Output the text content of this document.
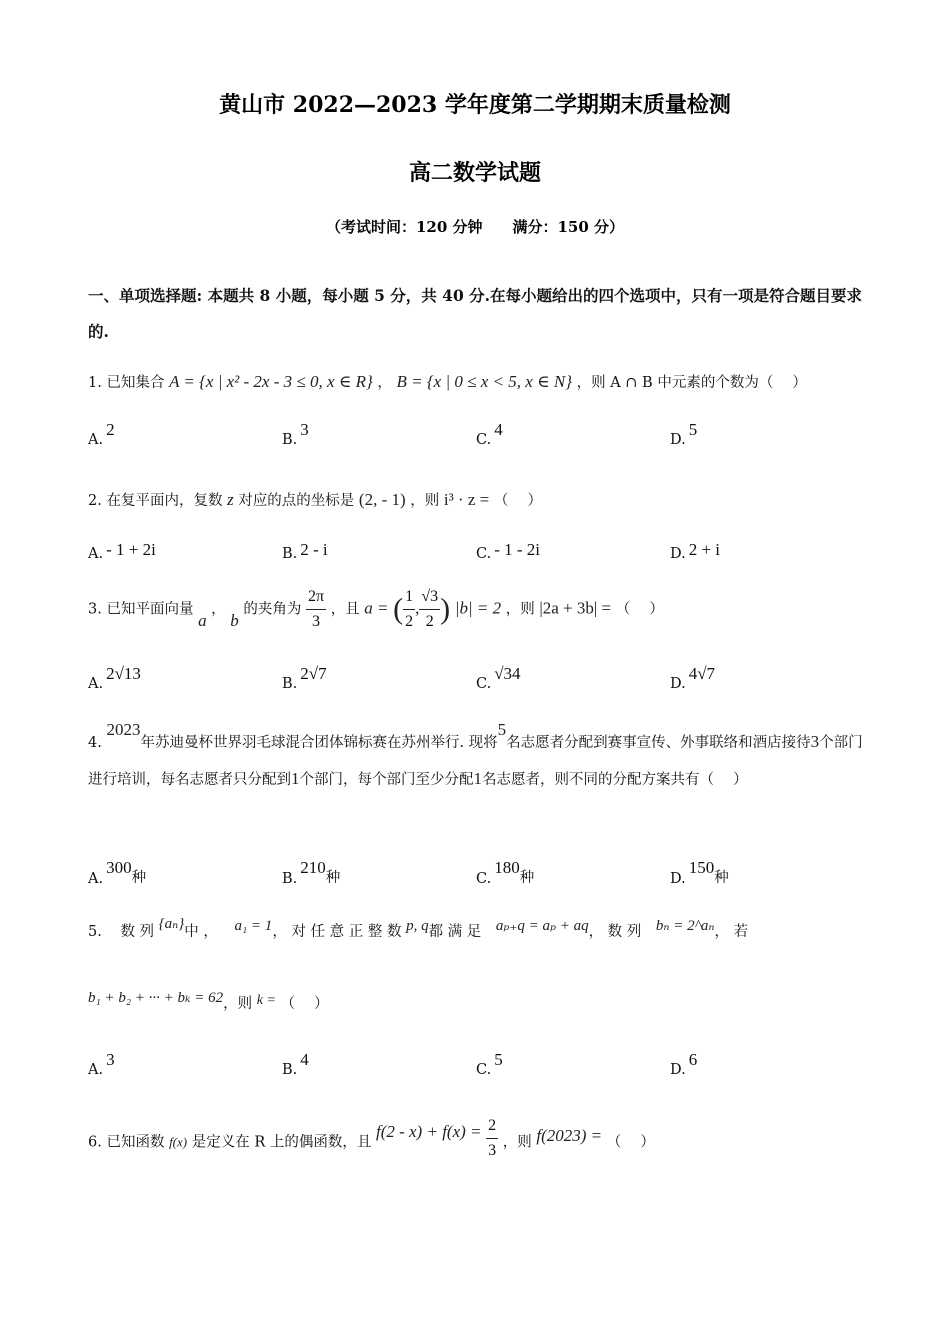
黄山市 2022—2023 学年度第二学期期末质量检测
高二数学试题
（考试时间：120 分钟　　满分：150 分）
一、单项选择题: 本题共 8 小题，每小题 5 分，共 40 分.在每小题给出的四个选项中，只有一项是符合题目要求的.
1. 已知集合 A = {x | x² - 2x - 3 ≤ 0, x ∈ R} ， B = {x | 0 ≤ x < 5, x ∈ N} ，则 A ∩ B 中元素的个数为（　 ）
A.2
B.3
C.4
D.5
2. 在复平面内，复数 z 对应的点的坐标是 (2, - 1) ，则 i³ · z = （　 ）
A. - 1 + 2i	B. 2 - i	C. - 1 - 2i	D. 2 + i
3. 已知平面向量 a ， b 的夹角为 $\frac{2\pi}{3}$ ，且 a = ( $\frac{1}{2}$ , $\frac{√3}{2}$ ) |b| = 2 ，则 |2a + 3b| = （　 ）
A.2√13
B.2√7
C.√34
D.4√7
4. 2023年苏迪曼杯世界羽毛球混合团体锦标赛在苏州举行. 现将5名志愿者分配到赛事宣传、外事联络和酒店接待3个部门进行培训，每名志愿者只分配到1个部门，每个部门至少分配1名志愿者，则不同的分配方案共有（　 ）
A.300种	B.210种	C.180种	D.150种
5. 数 列 {aₙ}中 ， a₁ = 1， 对 任 意 正 整 数 p, q都 满 足 aₚ₊q = aₚ + aq， 数 列 bₙ = 2^aₙ， 若
b₁ + b₂ + ··· + bₖ = 62，则 k = （　 ）
A.3
B.4
C.5
D.6
6. 已知函数 f(x) 是定义在 R 上的偶函数，且 $f(2 - x) + f(x) = \frac{2}{3}$ ，则 f(2023) = （　 ）
